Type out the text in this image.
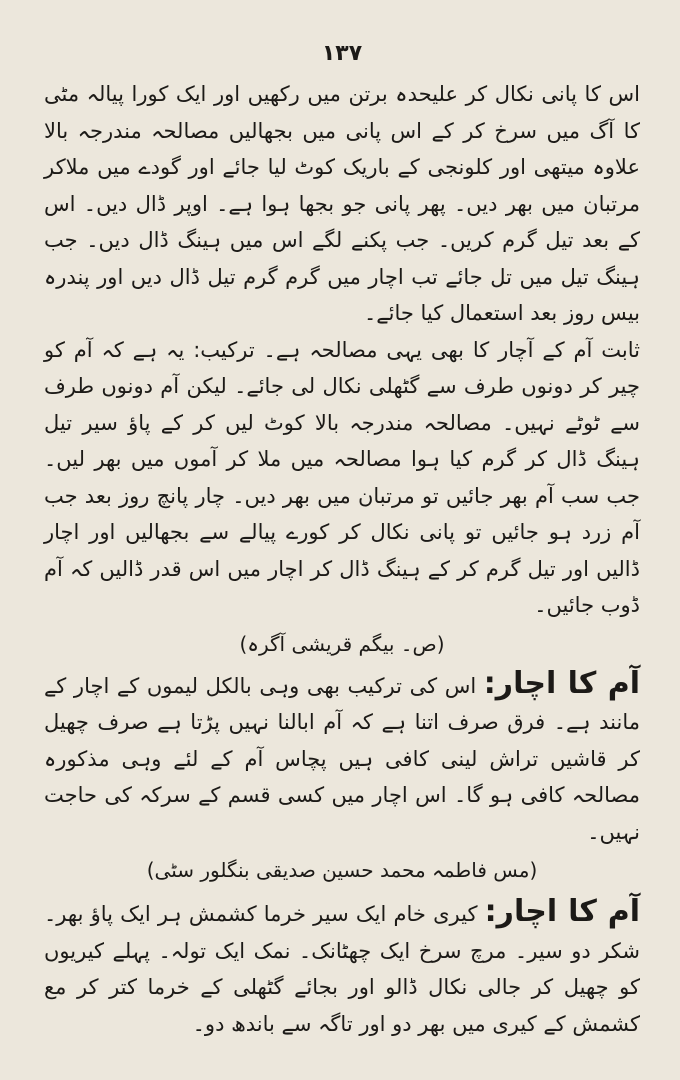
۱۳۷

اس کا پانی نکال کر علیحدہ برتن میں رکھیں اور ایک کورا پیالہ مٹی کا آگ میں سرخ کر کے اس پانی میں بجھالیں مصالحہ مندرجہ بالا علاوہ میتھی اور کلونجی کے باریک کوٹ لیا جائے اور گودے میں ملاکر مرتبان میں بھر دیں۔ پھر پانی جو بجھا ہوا ہے۔ اوپر ڈال دیں۔ اس کے بعد تیل گرم کریں۔ جب پکنے لگے اس میں ہینگ ڈال دیں۔ جب ہینگ تیل میں تل جائے تب اچار میں گرم گرم تیل ڈال دیں اور پندرہ بیس روز بعد استعمال کیا جائے۔

ثابت آم کے آچار کا بھی یہی مصالحہ ہے۔ ترکیب: یہ ہے کہ آم کو چیر کر دونوں طرف سے گٹھلی نکال لی جائے۔ لیکن آم دونوں طرف سے ٹوٹے نہیں۔ مصالحہ مندرجہ بالا کوٹ لیں کر کے پاؤ سیر تیل ہینگ ڈال کر گرم کیا ہوا مصالحہ میں ملا کر آموں میں بھر لیں۔ جب سب آم بھر جائیں تو مرتبان میں بھر دیں۔ چار پانچ روز بعد جب آم زرد ہو جائیں تو پانی نکال کر کورے پیالے سے بجھالیں اور اچار ڈالیں اور تیل گرم کر کے ہینگ ڈال کر اچار میں اس قدر ڈالیں کہ آم ڈوب جائیں۔

(ص۔ بیگم قریشی آگرہ)

آم کا اچار: اس کی ترکیب بھی وہی بالکل لیموں کے اچار کے مانند ہے۔ فرق صرف اتنا ہے کہ آم ابالنا نہیں پڑتا ہے صرف چھیل کر قاشیں تراش لینی کافی ہیں پچاس آم کے لئے وہی مذکورہ مصالحہ کافی ہو گا۔ اس اچار میں کسی قسم کے سرکہ کی حاجت نہیں۔

(مس فاطمہ محمد حسین صدیقی بنگلور سٹی)

آم کا اچار: کیری خام ایک سیر خرما کشمش ہر ایک پاؤ بھر۔ شکر دو سیر۔ مرچ سرخ ایک چھٹانک۔ نمک ایک تولہ۔ پہلے کیریوں کو چھیل کر جالی نکال ڈالو اور بجائے گٹھلی کے خرما کتر کر مع کشمش کے کیری میں بھر دو اور تاگہ سے باندھ دو۔
